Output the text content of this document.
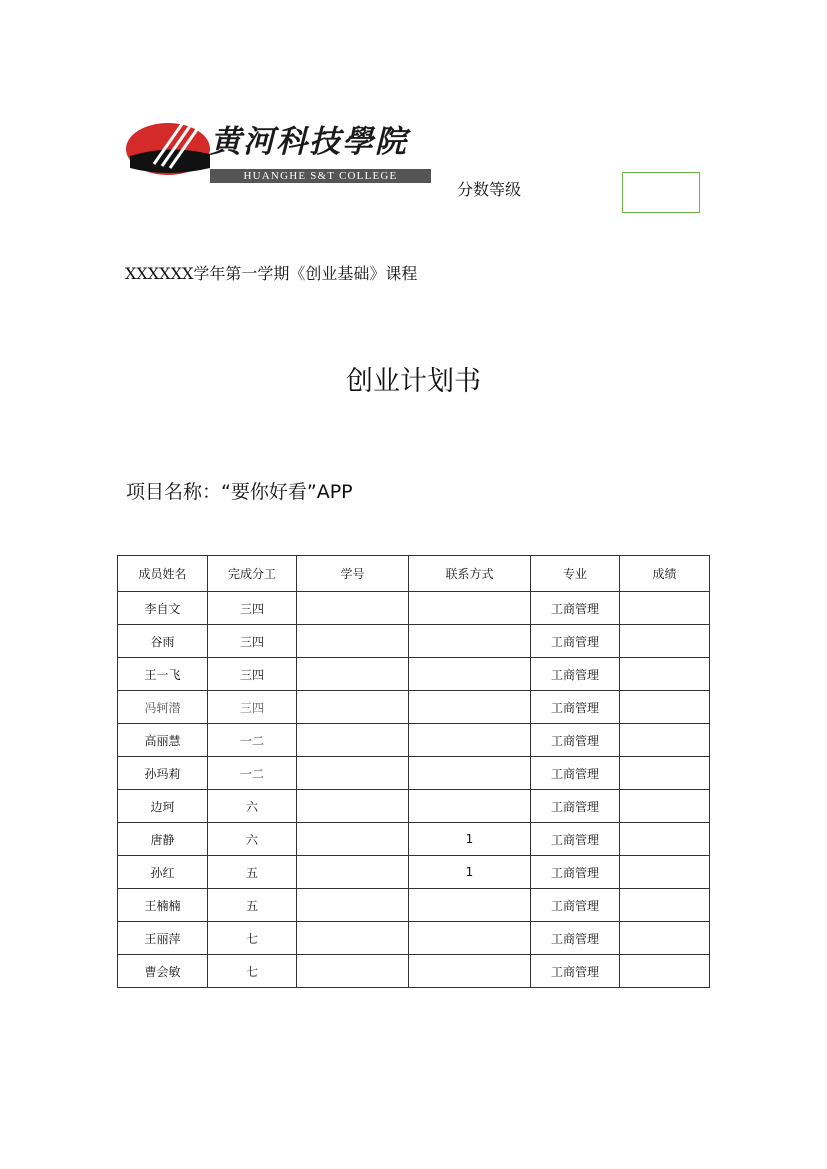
黄河科技學院
HUANGHE S&T COLLEGE
分数等级
XXXXXX学年第一学期《创业基础》课程
创业计划书
项目名称：“要你好看”APP
成员姓名	完成分工	学号	联系方式	专业	成绩
李自文	三四			工商管理	
谷雨	三四			工商管理	
王一飞	三四			工商管理	
冯轲潜	三四			工商管理	
高丽慧	一二			工商管理	
孙玛莉	一二			工商管理	
边珂	六			工商管理	
唐静	六		1	工商管理	
孙红	五		1	工商管理	
王楠楠	五			工商管理	
王丽萍	七			工商管理	
曹会敏	七			工商管理	
